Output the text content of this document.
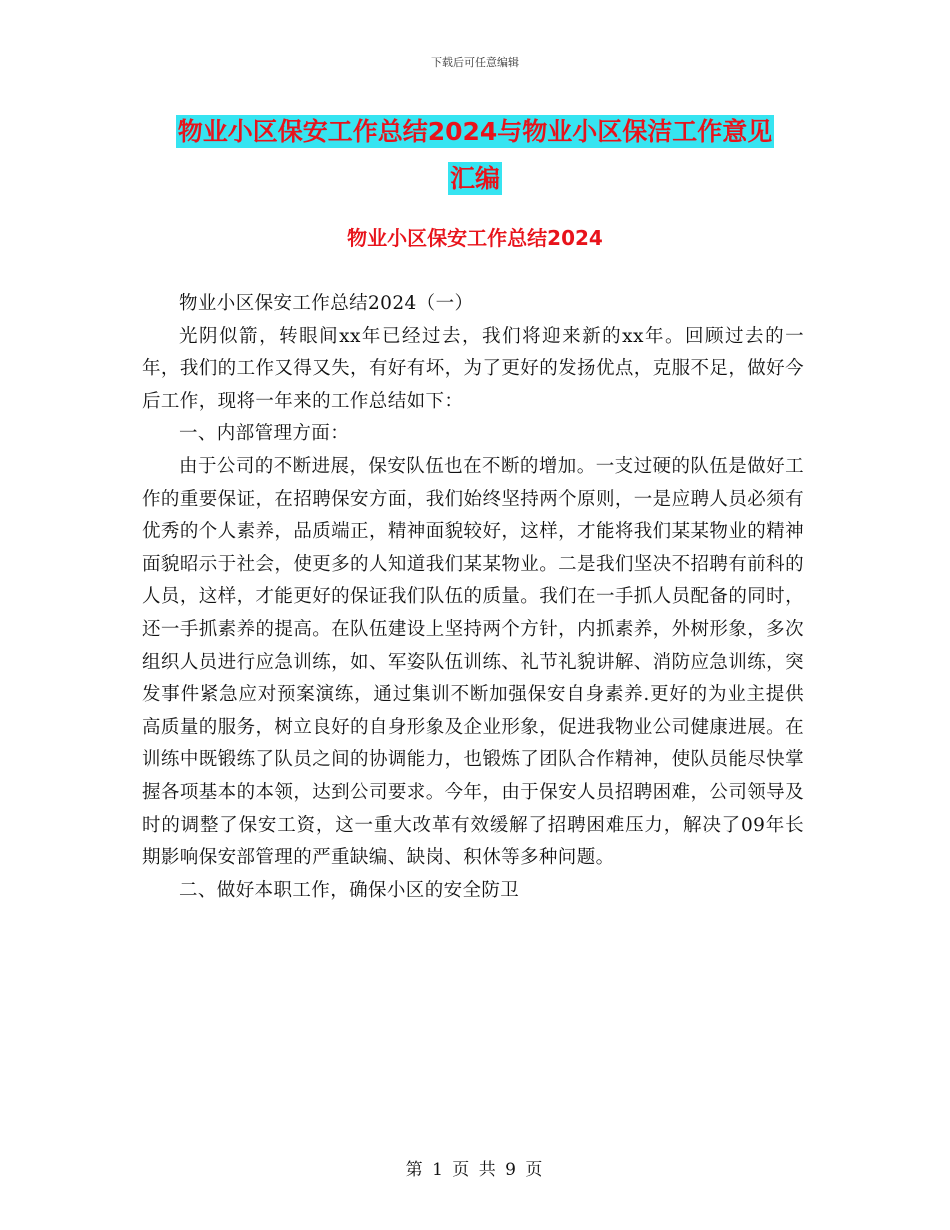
下载后可任意编辑
物业小区保安工作总结2024与物业小区保洁工作意见
汇编
物业小区保安工作总结2024

物业小区保安工作总结2024（一）

光阴似箭，转眼间xx年已经过去，我们将迎来新的xx年。回顾过去的一年，我们的工作又得又失，有好有坏，为了更好的发扬优点，克服不足，做好今后工作，现将一年来的工作总结如下：

一、内部管理方面：

由于公司的不断进展，保安队伍也在不断的增加。一支过硬的队伍是做好工作的重要保证，在招聘保安方面，我们始终坚持两个原则，一是应聘人员必须有优秀的个人素养，品质端正，精神面貌较好，这样，才能将我们某某物业的精神面貌昭示于社会，使更多的人知道我们某某物业。二是我们坚决不招聘有前科的人员，这样，才能更好的保证我们队伍的质量。我们在一手抓人员配备的同时，还一手抓素养的提高。在队伍建设上坚持两个方针，内抓素养，外树形象，多次组织人员进行应急训练，如、军姿队伍训练、礼节礼貌讲解、消防应急训练，突发事件紧急应对预案演练，通过集训不断加强保安自身素养.更好的为业主提供高质量的服务，树立良好的自身形象及企业形象，促进我物业公司健康进展。在训练中既锻练了队员之间的协调能力，也锻炼了团队合作精神，使队员能尽快掌握各项基本的本领，达到公司要求。今年，由于保安人员招聘困难，公司领导及时的调整了保安工资，这一重大改革有效缓解了招聘困难压力，解决了09年长期影响保安部管理的严重缺编、缺岗、积休等多种问题。

二、做好本职工作，确保小区的安全防卫

第 1 页 共 9 页
